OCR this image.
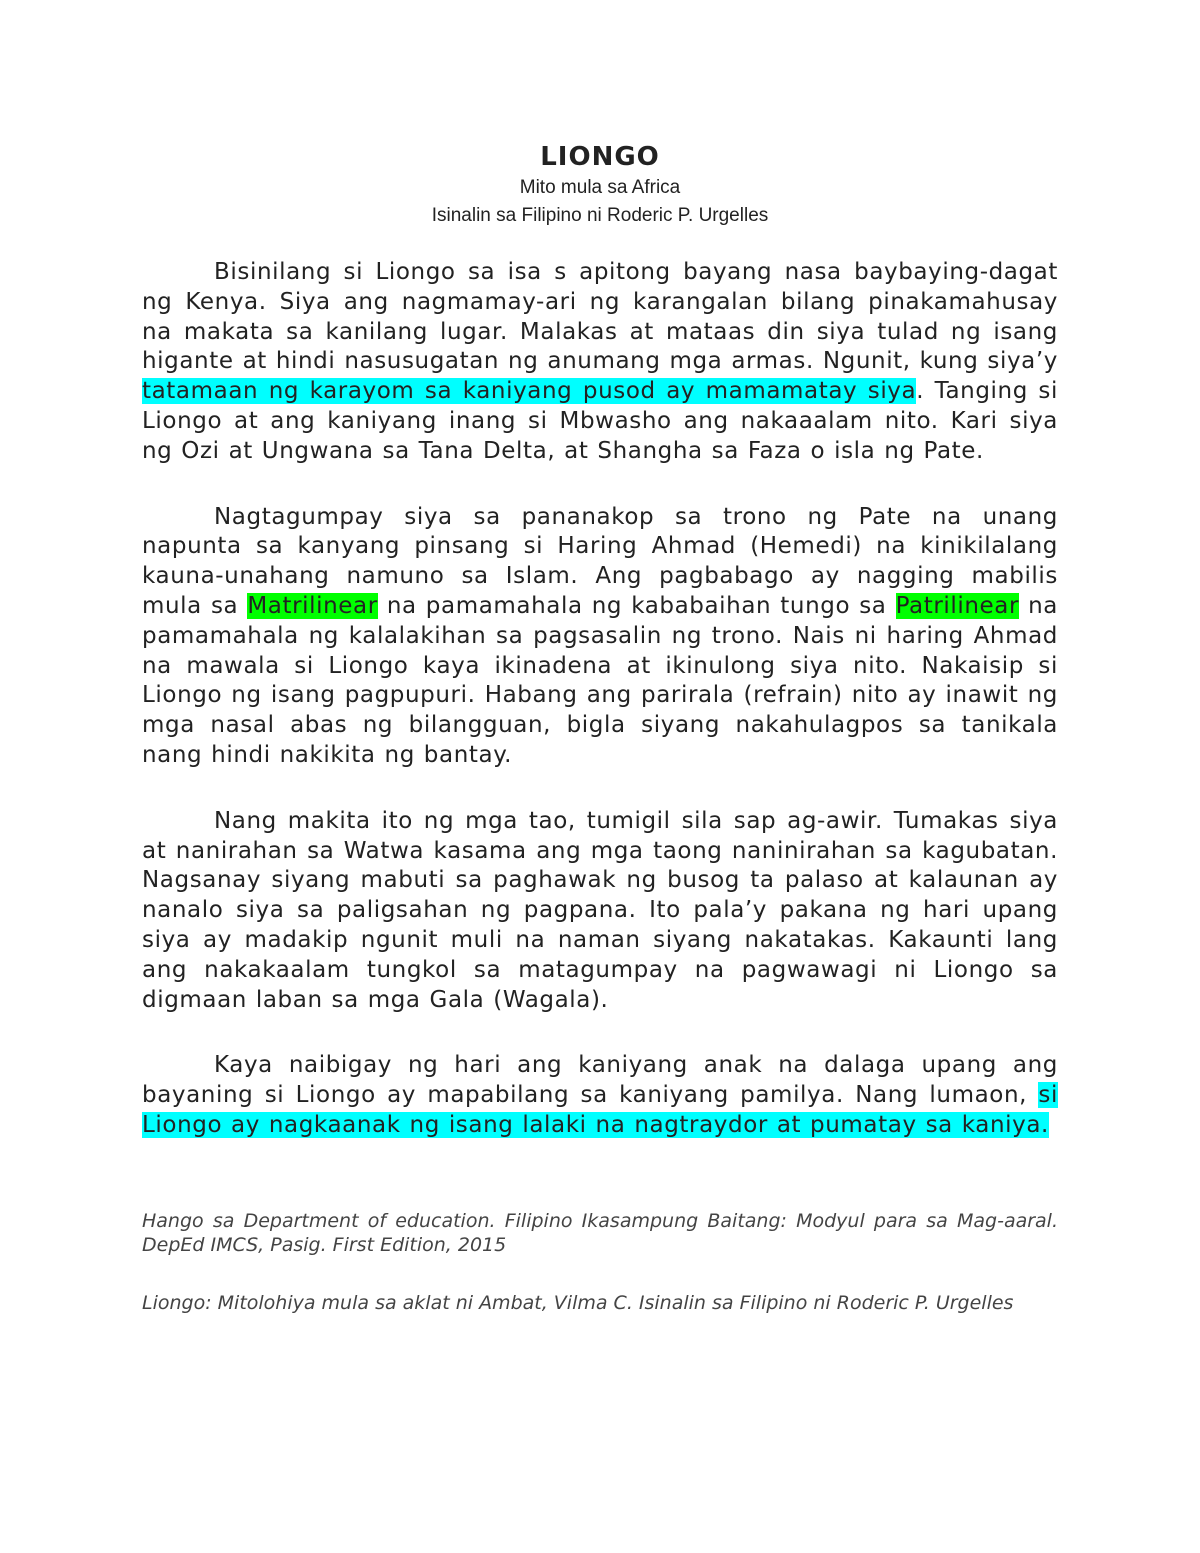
LIONGO

Mito mula sa Africa

Isinalin sa Filipino ni Roderic P. Urgelles

Bisinilang si Liongo sa isa s apitong bayang nasa baybaying-dagat ng Kenya. Siya ang nagmamay-ari ng karangalan bilang pinakamahusay na makata sa kanilang lugar. Malakas at mataas din siya tulad ng isang higante at hindi nasusugatan ng anumang mga armas. Ngunit, kung siya’y tatamaan ng karayom sa kaniyang pusod ay mamamatay siya. Tanging si Liongo at ang kaniyang inang si Mbwasho ang nakaaalam nito. Kari siya ng Ozi at Ungwana sa Tana Delta, at Shangha sa Faza o isla ng Pate.

Nagtagumpay siya sa pananakop sa trono ng Pate na unang napunta sa kanyang pinsang si Haring Ahmad (Hemedi) na kinikilalang kauna-unahang namuno sa Islam. Ang pagbabago ay nagging mabilis mula sa Matrilinear na pamamahala ng kababaihan tungo sa Patrilinear na pamamahala ng kalalakihan sa pagsasalin ng trono. Nais ni haring Ahmad na mawala si Liongo kaya ikinadena at ikinulong siya nito. Nakaisip si Liongo ng isang pagpupuri. Habang ang parirala (refrain) nito ay inawit ng mga nasal abas ng bilangguan, bigla siyang nakahulagpos sa tanikala nang hindi nakikita ng bantay.

Nang makita ito ng mga tao, tumigil sila sap ag-awir. Tumakas siya at nanirahan sa Watwa kasama ang mga taong naninirahan sa kagubatan. Nagsanay siyang mabuti sa paghawak ng busog ta palaso at kalaunan ay nanalo siya sa paligsahan ng pagpana. Ito pala’y pakana ng hari upang siya ay madakip ngunit muli na naman siyang nakatakas. Kakaunti lang ang nakakaalam tungkol sa matagumpay na pagwawagi ni Liongo sa digmaan laban sa mga Gala (Wagala).

Kaya naibigay ng hari ang kaniyang anak na dalaga upang ang bayaning si Liongo ay mapabilang sa kaniyang pamilya. Nang lumaon, si Liongo ay nagkaanak ng isang lalaki na nagtraydor at pumatay sa kaniya.

Hango sa Department of education. Filipino Ikasampung Baitang: Modyul para sa Mag-aaral. DepEd IMCS, Pasig. First Edition, 2015

Liongo: Mitolohiya mula sa aklat ni Ambat, Vilma C. Isinalin sa Filipino ni Roderic P. Urgelles
